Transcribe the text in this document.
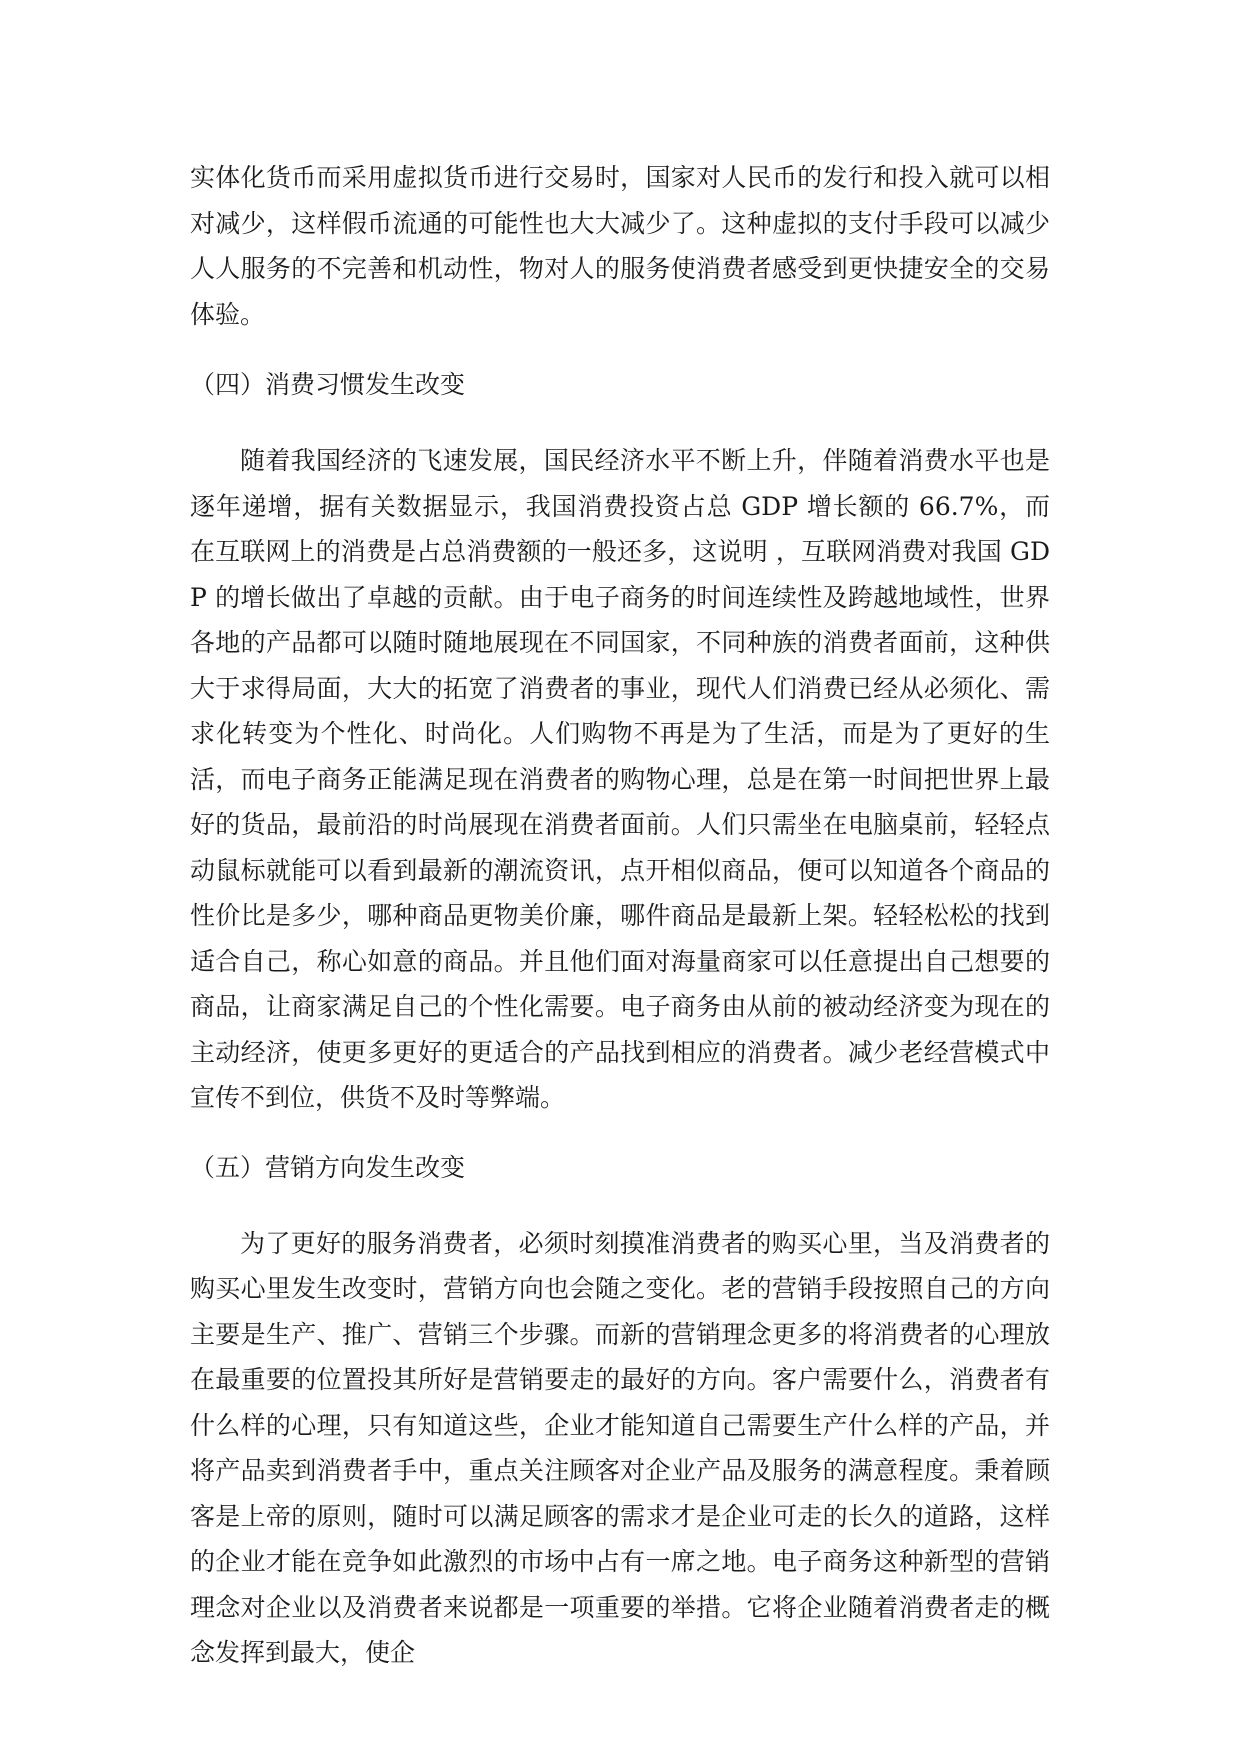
实体化货币而采用虚拟货币进行交易时，国家对人民币的发行和投入就可以相对减少，这样假币流通的可能性也大大减少了。这种虚拟的支付手段可以减少人人服务的不完善和机动性，物对人的服务使消费者感受到更快捷安全的交易体验。

（四）消费习惯发生改变

随着我国经济的飞速发展，国民经济水平不断上升，伴随着消费水平也是逐年递增，据有关数据显示，我国消费投资占总 GDP 增长额的 66.7%，而在互联网上的消费是占总消费额的一般还多，这说明 ，互联网消费对我国 GDP 的增长做出了卓越的贡献。由于电子商务的时间连续性及跨越地域性，世界各地的产品都可以随时随地展现在不同国家，不同种族的消费者面前，这种供大于求得局面，大大的拓宽了消费者的事业，现代人们消费已经从必须化、需求化转变为个性化、时尚化。人们购物不再是为了生活，而是为了更好的生活，而电子商务正能满足现在消费者的购物心理，总是在第一时间把世界上最好的货品，最前沿的时尚展现在消费者面前。人们只需坐在电脑桌前，轻轻点动鼠标就能可以看到最新的潮流资讯，点开相似商品，便可以知道各个商品的性价比是多少，哪种商品更物美价廉，哪件商品是最新上架。轻轻松松的找到适合自己，称心如意的商品。并且他们面对海量商家可以任意提出自己想要的商品，让商家满足自己的个性化需要。电子商务由从前的被动经济变为现在的主动经济，使更多更好的更适合的产品找到相应的消费者。减少老经营模式中宣传不到位，供货不及时等弊端。

（五）营销方向发生改变

为了更好的服务消费者，必须时刻摸准消费者的购买心里，当及消费者的购买心里发生改变时，营销方向也会随之变化。老的营销手段按照自己的方向主要是生产、推广、营销三个步骤。而新的营销理念更多的将消费者的心理放在最重要的位置投其所好是营销要走的最好的方向。客户需要什么，消费者有什么样的心理，只有知道这些，企业才能知道自己需要生产什么样的产品，并将产品卖到消费者手中，重点关注顾客对企业产品及服务的满意程度。秉着顾客是上帝的原则，随时可以满足顾客的需求才是企业可走的长久的道路，这样的企业才能在竞争如此激烈的市场中占有一席之地。电子商务这种新型的营销理念对企业以及消费者来说都是一项重要的举措。它将企业随着消费者走的概念发挥到最大，使企
